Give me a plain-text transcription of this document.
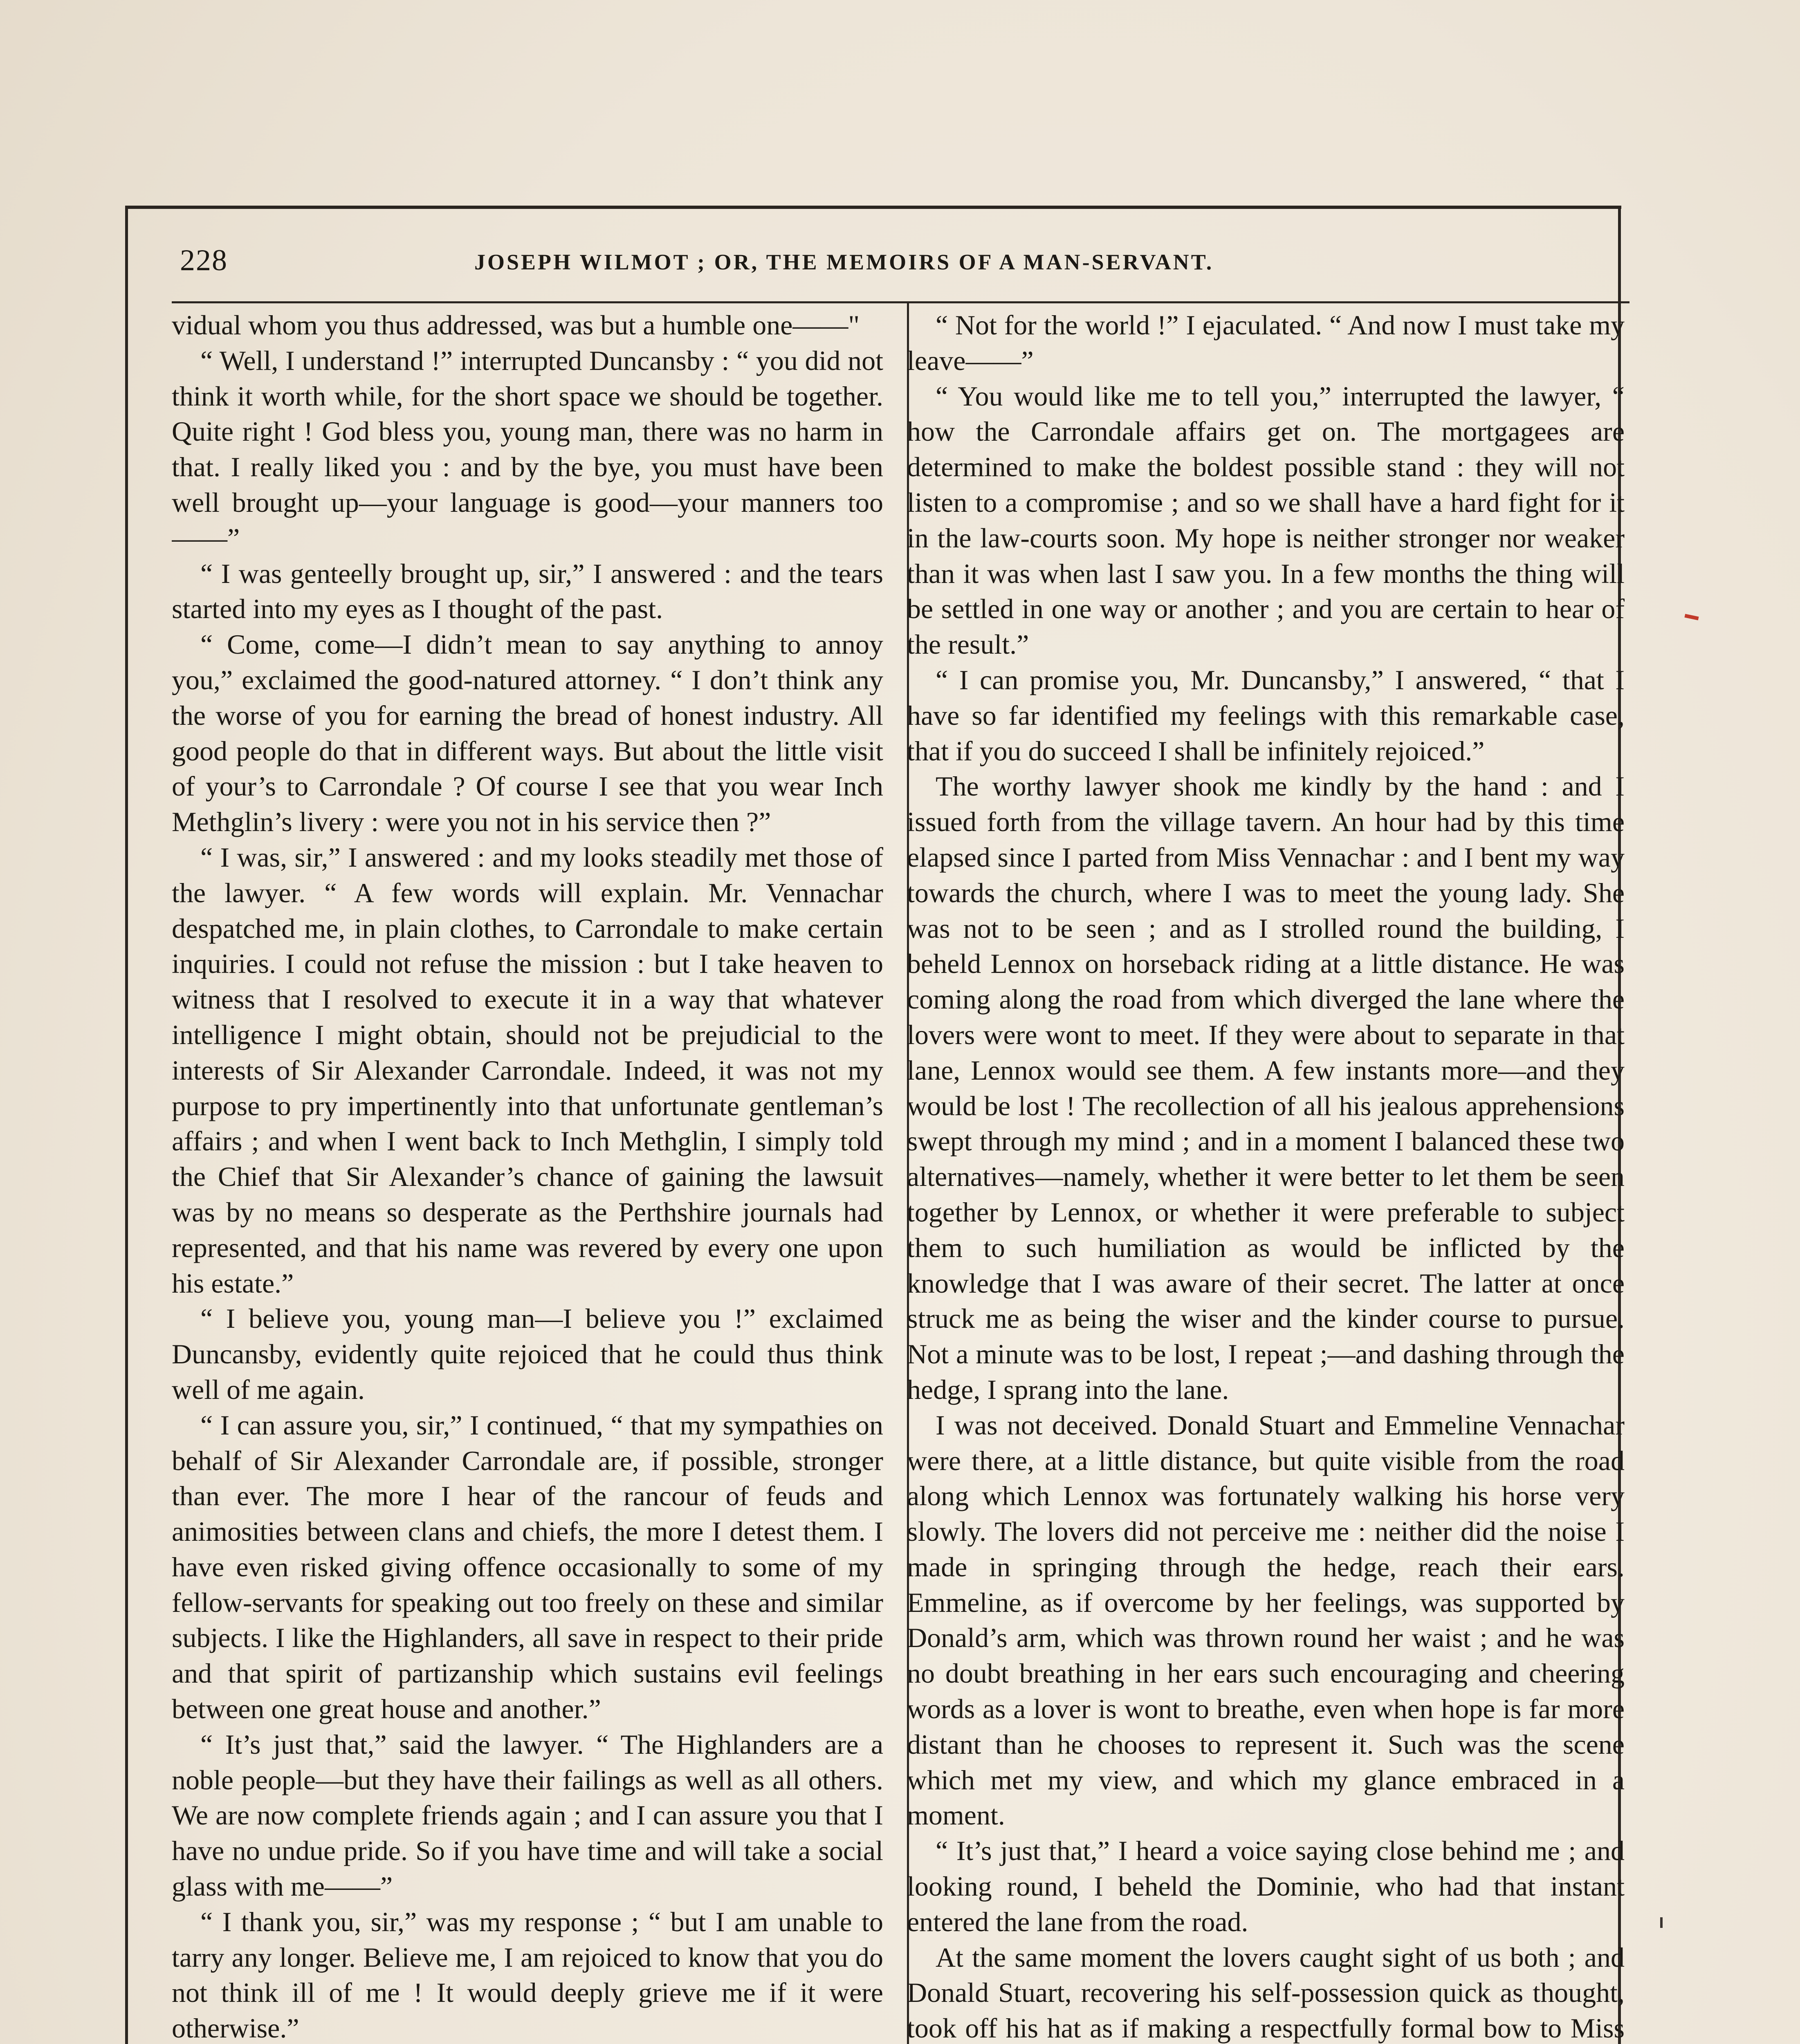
228	JOSEPH WILMOT ; OR, THE MEMOIRS OF A MAN-SERVANT.

vidual whom you thus addressed, was but a humble one——"

“ Well, I understand !” interrupted Duncansby : “ you did not think it worth while, for the short space we should be together. Quite right ! God bless you, young man, there was no harm in that. I really liked you : and by the bye, you must have been well brought up—your language is good—your manners too——”

“ I was genteelly brought up, sir,” I answered : and the tears started into my eyes as I thought of the past.

“ Come, come—I didn’t mean to say anything to annoy you,” exclaimed the good-natured attorney. “ I don’t think any the worse of you for earning the bread of honest industry. All good people do that in different ways. But about the little visit of your’s to Carrondale ? Of course I see that you wear Inch Methglin’s livery : were you not in his service then ?”

“ I was, sir,” I answered : and my looks steadily met those of the lawyer. “ A few words will explain. Mr. Vennachar despatched me, in plain clothes, to Carrondale to make certain inquiries. I could not refuse the mission : but I take heaven to witness that I resolved to execute it in a way that whatever intelligence I might obtain, should not be prejudicial to the interests of Sir Alexander Carrondale. Indeed, it was not my purpose to pry impertinently into that unfortunate gentleman’s affairs ; and when I went back to Inch Methglin, I simply told the Chief that Sir Alexander’s chance of gaining the lawsuit was by no means so desperate as the Perthshire journals had represented, and that his name was revered by every one upon his estate.”

“ I believe you, young man—I believe you !” exclaimed Duncansby, evidently quite rejoiced that he could thus think well of me again.

“ I can assure you, sir,” I continued, “ that my sympathies on behalf of Sir Alexander Carrondale are, if possible, stronger than ever. The more I hear of the rancour of feuds and animosities between clans and chiefs, the more I detest them. I have even risked giving offence occasionally to some of my fellow-servants for speaking out too freely on these and similar subjects. I like the Highlanders, all save in respect to their pride and that spirit of partizanship which sustains evil feelings between one great house and another.”

“ It’s just that,” said the lawyer. “ The Highlanders are a noble people—but they have their failings as well as all others. We are now complete friends again ; and I can assure you that I have no undue pride. So if you have time and will take a social glass with me——”

“ I thank you, sir,” was my response ; “ but I am unable to tarry any longer. Believe me, I am rejoiced to know that you do not think ill of me ! It would deeply grieve me if it were otherwise.”

“ Not for the world !” I ejaculated. “ And now I must take my leave——”

“ You would like me to tell you,” interrupted the lawyer, “ how the Carrondale affairs get on. The mortgagees are determined to make the boldest possible stand : they will not listen to a compromise ; and so we shall have a hard fight for it in the law-courts soon. My hope is neither stronger nor weaker than it was when last I saw you. In a few months the thing will be settled in one way or another ; and you are certain to hear of the result.”

“ I can promise you, Mr. Duncansby,” I answered, “ that I have so far identified my feelings with this remarkable case, that if you do succeed I shall be infinitely rejoiced.”

The worthy lawyer shook me kindly by the hand : and I issued forth from the village tavern. An hour had by this time elapsed since I parted from Miss Vennachar : and I bent my way towards the church, where I was to meet the young lady. She was not to be seen ; and as I strolled round the building, I beheld Lennox on horseback riding at a little distance. He was coming along the road from which diverged the lane where the lovers were wont to meet. If they were about to separate in that lane, Lennox would see them. A few instants more—and they would be lost ! The recollection of all his jealous apprehensions swept through my mind ; and in a moment I balanced these two alternatives—namely, whether it were better to let them be seen together by Lennox, or whether it were preferable to subject them to such humiliation as would be inflicted by the knowledge that I was aware of their secret. The latter at once struck me as being the wiser and the kinder course to pursue. Not a minute was to be lost, I repeat ;—and dashing through the hedge, I sprang into the lane.

I was not deceived. Donald Stuart and Emmeline Vennachar were there, at a little distance, but quite visible from the road along which Lennox was fortunately walking his horse very slowly. The lovers did not perceive me : neither did the noise I made in springing through the hedge, reach their ears. Emmeline, as if overcome by her feelings, was supported by Donald’s arm, which was thrown round her waist ; and he was no doubt breathing in her ears such encouraging and cheering words as a lover is wont to breathe, even when hope is far more distant than he chooses to represent it. Such was the scene which met my view, and which my glance embraced in a moment.

“ It’s just that,” I heard a voice saying close behind me ; and looking round, I beheld the Dominie, who had that instant entered the lane from the road.

At the same moment the lovers caught sight of us both ; and Donald Stuart, recovering his self-possession quick as thought, took off his hat as if making a respectfully formal bow to Miss
